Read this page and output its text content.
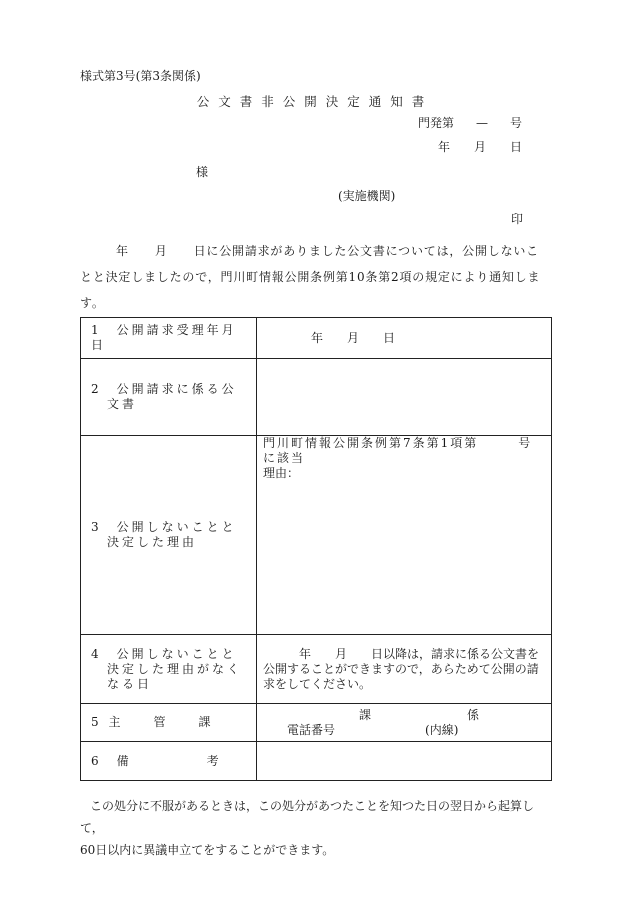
様式第3号(第3条関係)
公文書非公開決定通知書
門発第 — 号
年 月 日
様
(実施機関)
印

年 月 日に公開請求がありました公文書については，公開しないことと決定しましたので，門川町情報公開条例第10条第2項の規定により通知します。

1　公開請求受理年月日	年 月 日

2　公開請求に係る公文書	

3　公開しないことと決定した理由	門川町情報公開条例第7条第1項第 号に該当
理由：

4　公開しないことと決定した理由がなくなる日	年 月 日以降は，請求に係る公文書を公開することができますので，あらためて公開の請求をしてください。
5 主　　管　　課	課 係
電話番号 (内線)

6　備　　　　　考	

この処分に不服があるときは，この処分があつたことを知つた日の翌日から起算して，

60日以内に異議申立てをすることができます。
